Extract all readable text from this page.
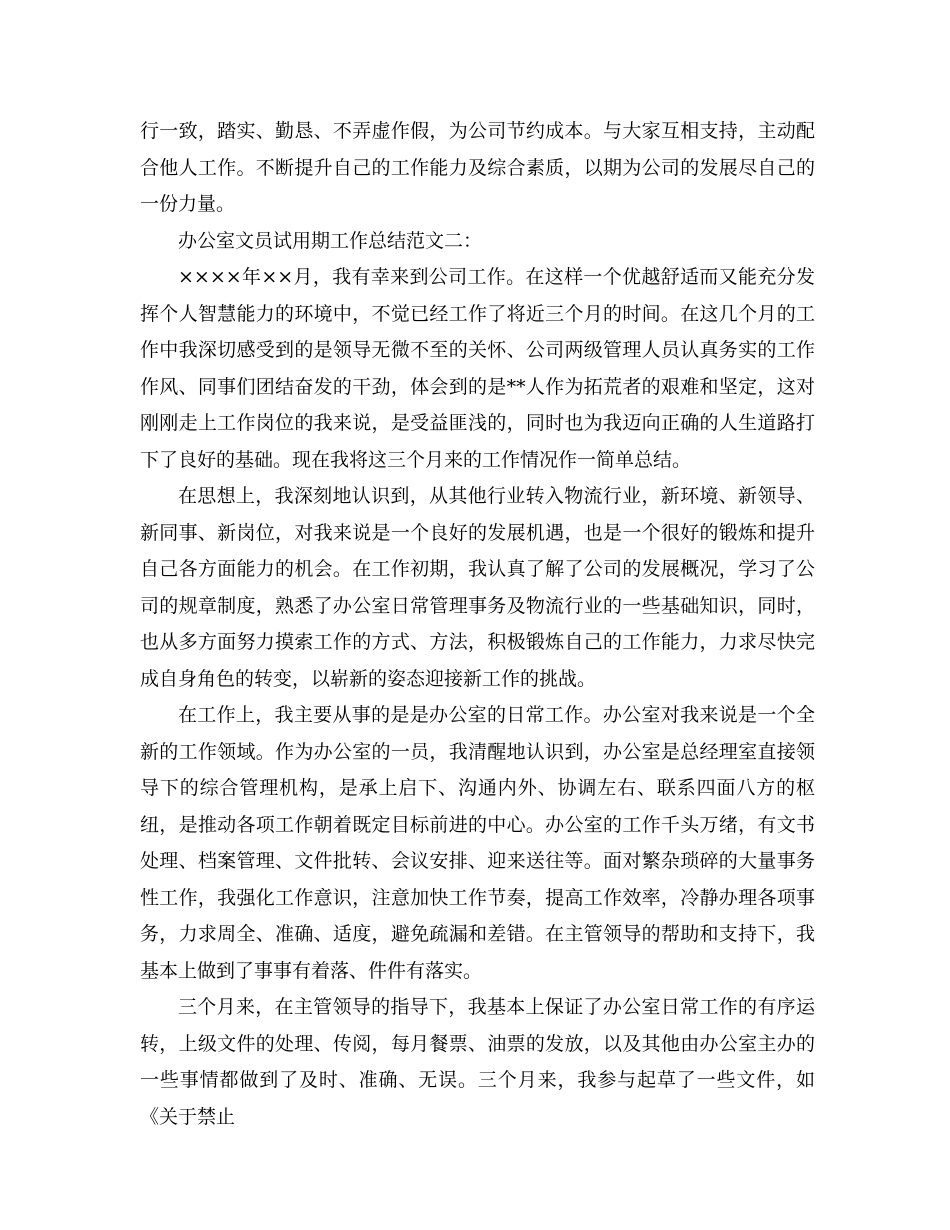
行一致，踏实、勤恳、不弄虚作假，为公司节约成本。与大家互相支持，主动配合他人工作。不断提升自己的工作能力及综合素质，以期为公司的发展尽自己的一份力量。

办公室文员试用期工作总结范文二：

××××年××月，我有幸来到公司工作。在这样一个优越舒适而又能充分发挥个人智慧能力的环境中，不觉已经工作了将近三个月的时间。在这几个月的工作中我深切感受到的是领导无微不至的关怀、公司两级管理人员认真务实的工作作风、同事们团结奋发的干劲，体会到的是**人作为拓荒者的艰难和坚定，这对刚刚走上工作岗位的我来说，是受益匪浅的，同时也为我迈向正确的人生道路打下了良好的基础。现在我将这三个月来的工作情况作一简单总结。

在思想上，我深刻地认识到，从其他行业转入物流行业，新环境、新领导、新同事、新岗位，对我来说是一个良好的发展机遇，也是一个很好的锻炼和提升自己各方面能力的机会。在工作初期，我认真了解了公司的发展概况，学习了公司的规章制度，熟悉了办公室日常管理事务及物流行业的一些基础知识，同时，也从多方面努力摸索工作的方式、方法，积极锻炼自己的工作能力，力求尽快完成自身角色的转变，以崭新的姿态迎接新工作的挑战。

在工作上，我主要从事的是是办公室的日常工作。办公室对我来说是一个全新的工作领域。作为办公室的一员，我清醒地认识到，办公室是总经理室直接领导下的综合管理机构，是承上启下、沟通内外、协调左右、联系四面八方的枢纽，是推动各项工作朝着既定目标前进的中心。办公室的工作千头万绪，有文书处理、档案管理、文件批转、会议安排、迎来送往等。面对繁杂琐碎的大量事务性工作，我强化工作意识，注意加快工作节奏，提高工作效率，冷静办理各项事务，力求周全、准确、适度，避免疏漏和差错。在主管领导的帮助和支持下，我基本上做到了事事有着落、件件有落实。

三个月来，在主管领导的指导下，我基本上保证了办公室日常工作的有序运转，上级文件的处理、传阅，每月餐票、油票的发放，以及其他由办公室主办的一些事情都做到了及时、准确、无误。三个月来，我参与起草了一些文件，如《关于禁止
